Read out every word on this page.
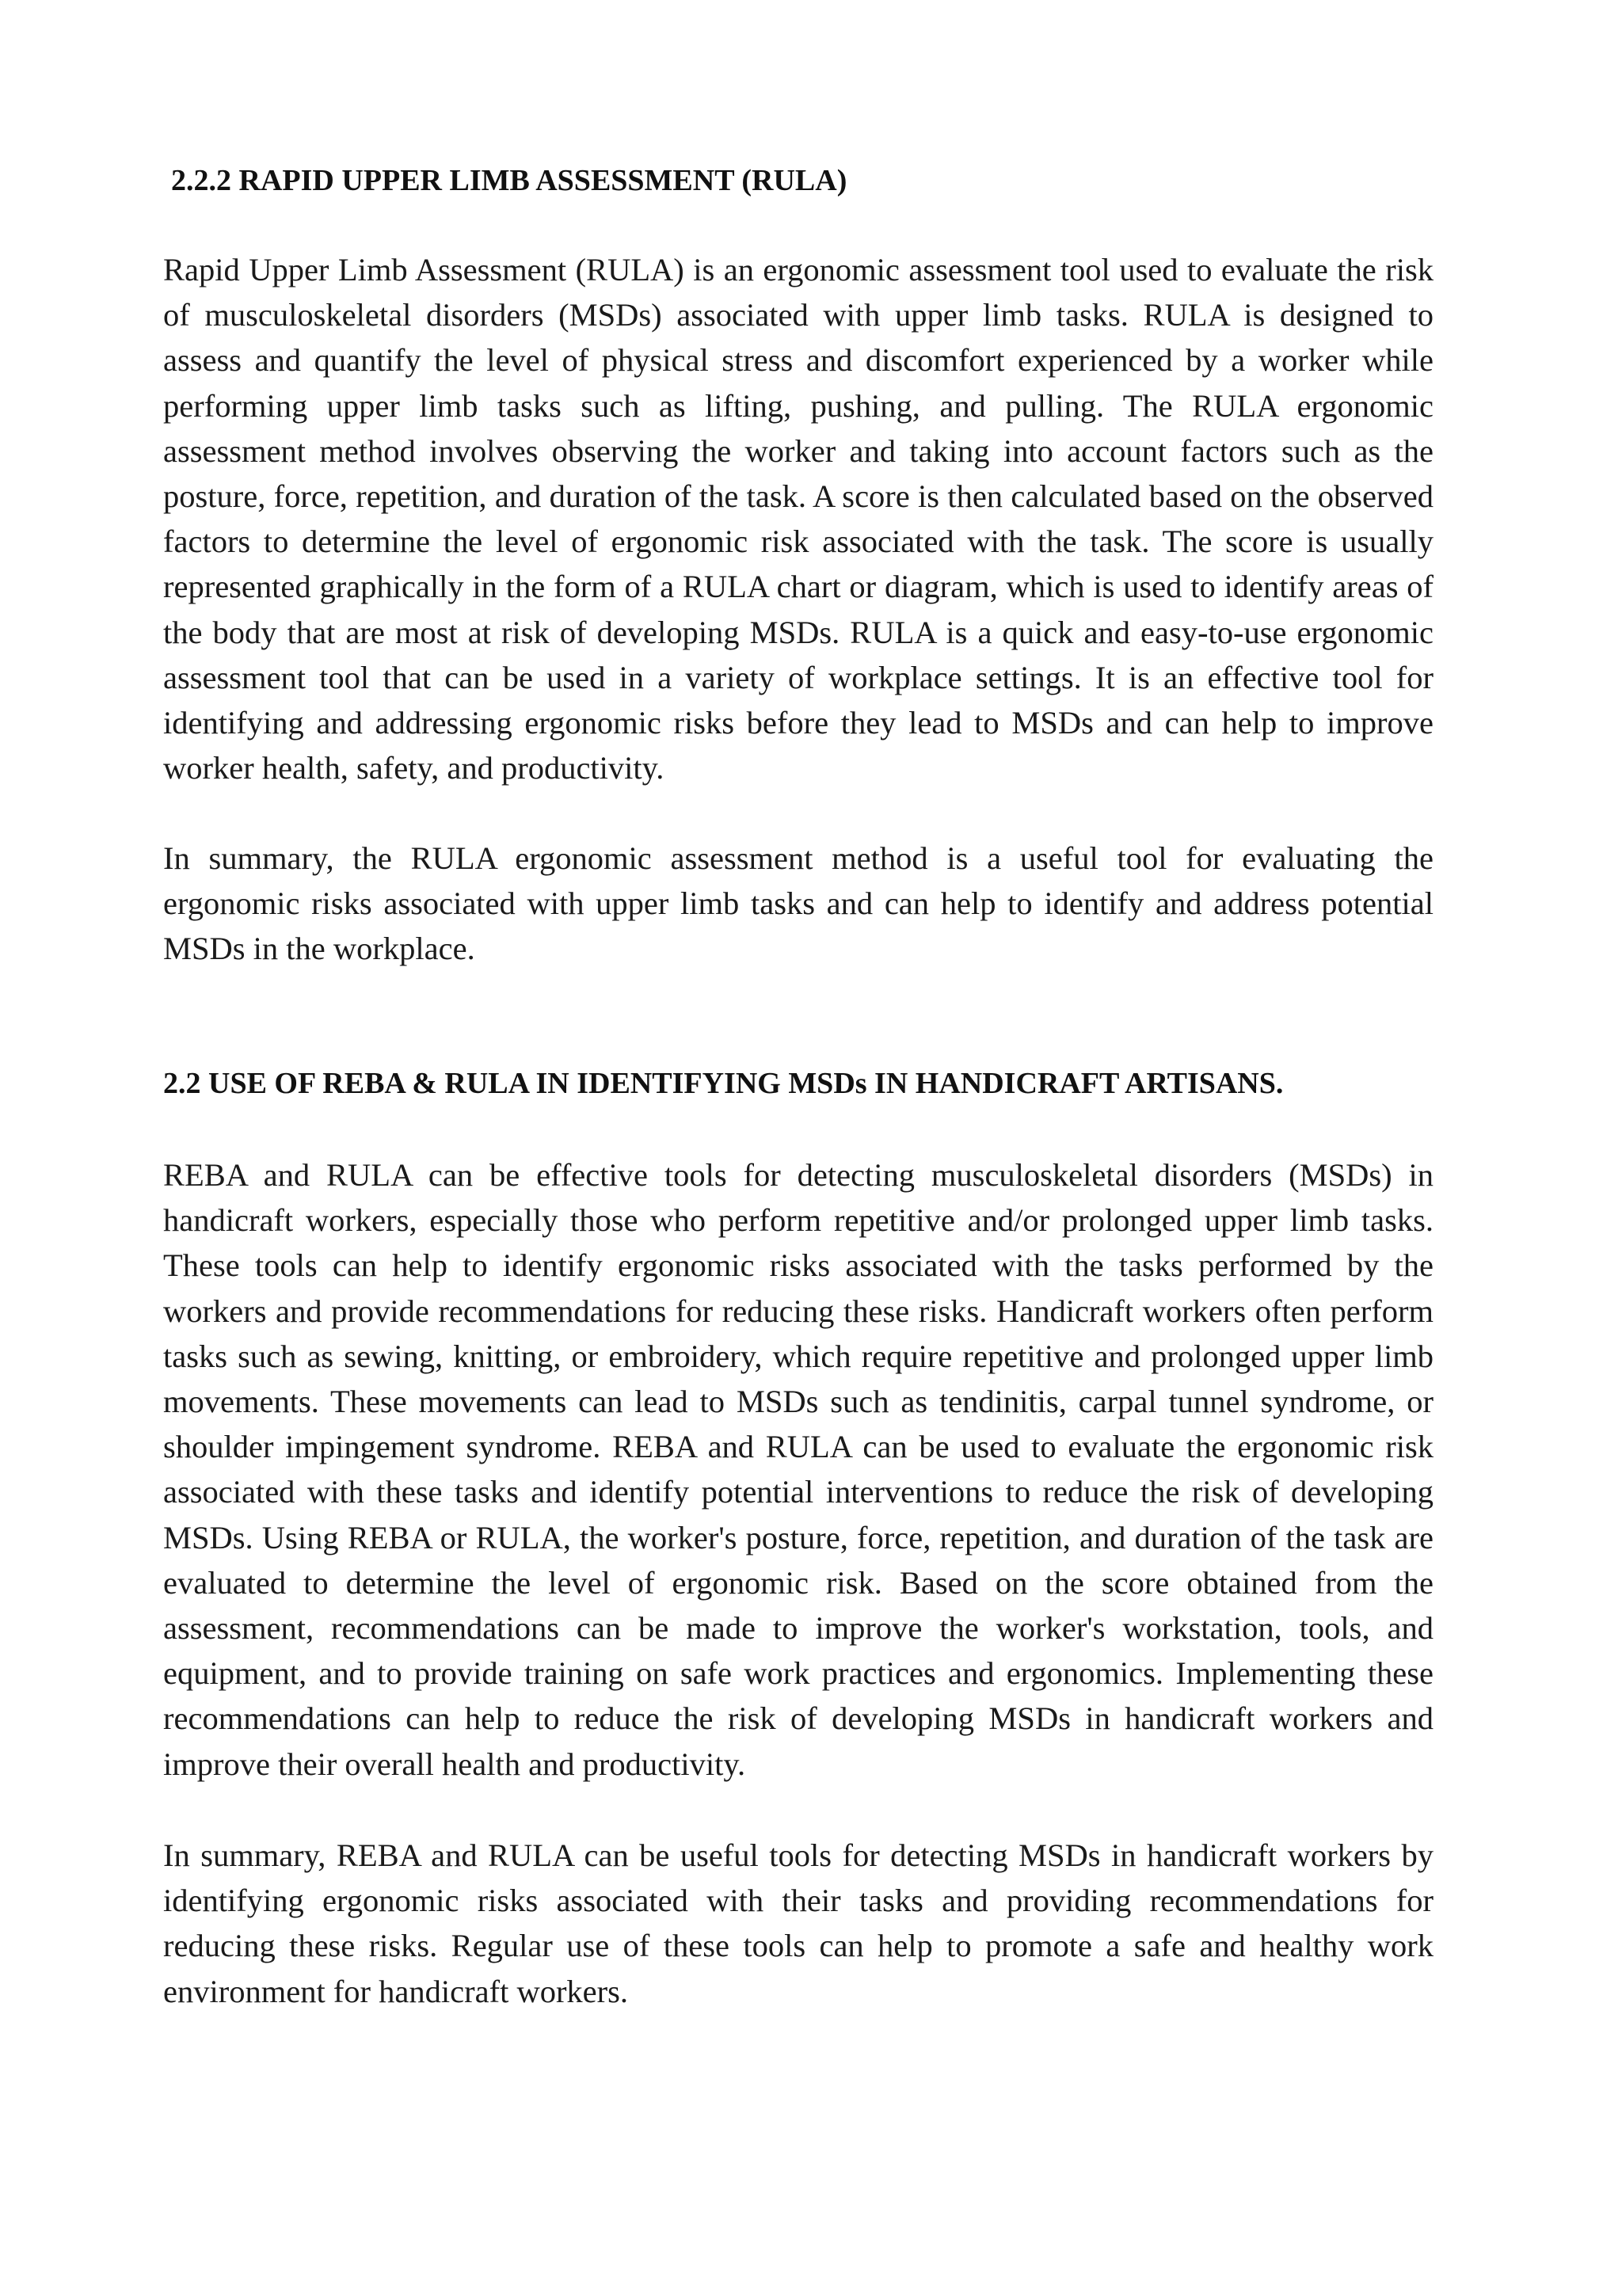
2.2.2 RAPID UPPER LIMB ASSESSMENT (RULA)

Rapid Upper Limb Assessment (RULA) is an ergonomic assessment tool used to evaluate the risk of musculoskeletal disorders (MSDs) associated with upper limb tasks. RULA is designed to assess and quantify the level of physical stress and discomfort experienced by a worker while performing upper limb tasks such as lifting, pushing, and pulling. The RULA ergonomic assessment method involves observing the worker and taking into account factors such as the posture, force, repetition, and duration of the task. A score is then calculated based on the observed factors to determine the level of ergonomic risk associated with the task. The score is usually represented graphically in the form of a RULA chart or diagram, which is used to identify areas of the body that are most at risk of developing MSDs. RULA is a quick and easy-to-use ergonomic assessment tool that can be used in a variety of workplace settings. It is an effective tool for identifying and addressing ergonomic risks before they lead to MSDs and can help to improve worker health, safety, and productivity.

In summary, the RULA ergonomic assessment method is a useful tool for evaluating the ergonomic risks associated with upper limb tasks and can help to identify and address potential MSDs in the workplace.

2.2 USE OF REBA & RULA IN IDENTIFYING MSDs IN HANDICRAFT ARTISANS.

REBA and RULA can be effective tools for detecting musculoskeletal disorders (MSDs) in handicraft workers, especially those who perform repetitive and/or prolonged upper limb tasks. These tools can help to identify ergonomic risks associated with the tasks performed by the workers and provide recommendations for reducing these risks. Handicraft workers often perform tasks such as sewing, knitting, or embroidery, which require repetitive and prolonged upper limb movements. These movements can lead to MSDs such as tendinitis, carpal tunnel syndrome, or shoulder impingement syndrome. REBA and RULA can be used to evaluate the ergonomic risk associated with these tasks and identify potential interventions to reduce the risk of developing MSDs. Using REBA or RULA, the worker's posture, force, repetition, and duration of the task are evaluated to determine the level of ergonomic risk. Based on the score obtained from the assessment, recommendations can be made to improve the worker's workstation, tools, and equipment, and to provide training on safe work practices and ergonomics. Implementing these recommendations can help to reduce the risk of developing MSDs in handicraft workers and improve their overall health and productivity.

In summary, REBA and RULA can be useful tools for detecting MSDs in handicraft workers by identifying ergonomic risks associated with their tasks and providing recommendations for reducing these risks. Regular use of these tools can help to promote a safe and healthy work environment for handicraft workers.
